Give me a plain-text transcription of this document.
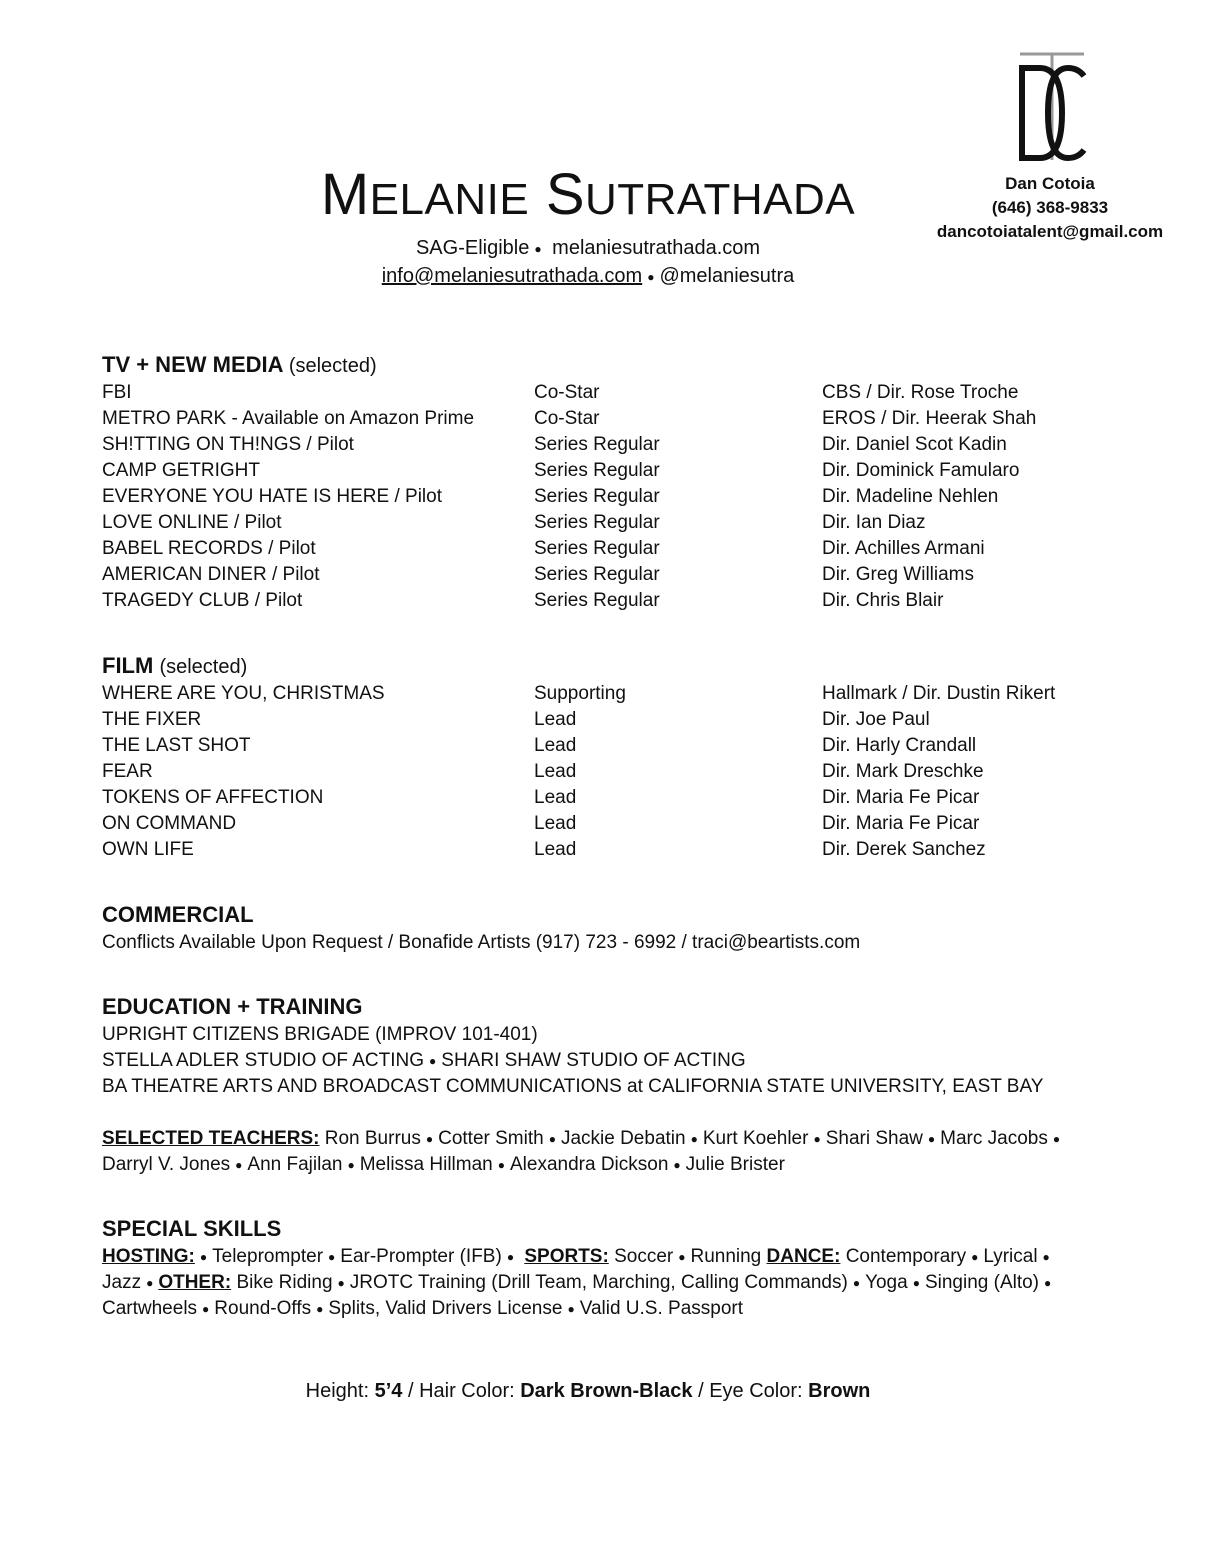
Dan Cotoia
(646) 368-9833
dancotoiatalent@gmail.com
MELANIE SUTRATHADA
SAG-Eligible ● melaniesutrathada.com
info@melaniesutrathada.com ● @melaniesutra
TV + NEW MEDIA (selected)
FBI	Co-Star	CBS / Dir. Rose Troche
METRO PARK - Available on Amazon Prime	Co-Star	EROS / Dir. Heerak Shah
SH!TTING ON TH!NGS / Pilot	Series Regular	Dir. Daniel Scot Kadin
CAMP GETRIGHT	Series Regular	Dir. Dominick Famularo
EVERYONE YOU HATE IS HERE / Pilot	Series Regular	Dir. Madeline Nehlen
LOVE ONLINE / Pilot	Series Regular	Dir. Ian Diaz
BABEL RECORDS / Pilot	Series Regular	Dir. Achilles Armani
AMERICAN DINER / Pilot	Series Regular	Dir. Greg Williams
TRAGEDY CLUB / Pilot	Series Regular	Dir. Chris Blair
FILM (selected)
WHERE ARE YOU, CHRISTMAS	Supporting	Hallmark / Dir. Dustin Rikert
THE FIXER	Lead	Dir. Joe Paul
THE LAST SHOT	Lead	Dir. Harly Crandall
FEAR	Lead	Dir. Mark Dreschke
TOKENS OF AFFECTION	Lead	Dir. Maria Fe Picar
ON COMMAND	Lead	Dir. Maria Fe Picar
OWN LIFE	Lead	Dir. Derek Sanchez
COMMERCIAL
Conflicts Available Upon Request / Bonafide Artists (917) 723 - 6992 / traci@beartists.com
EDUCATION + TRAINING
UPRIGHT CITIZENS BRIGADE (IMPROV 101-401)
STELLA ADLER STUDIO OF ACTING ● SHARI SHAW STUDIO OF ACTING
BA THEATRE ARTS AND BROADCAST COMMUNICATIONS at CALIFORNIA STATE UNIVERSITY, EAST BAY
SELECTED TEACHERS: Ron Burrus ● Cotter Smith ● Jackie Debatin ● Kurt Koehler ● Shari Shaw ● Marc Jacobs ●
Darryl V. Jones ● Ann Fajilan ● Melissa Hillman ● Alexandra Dickson ● Julie Brister
SPECIAL SKILLS
HOSTING: ● Teleprompter ● Ear-Prompter (IFB) ● SPORTS: Soccer ● Running DANCE: Contemporary ● Lyrical ●
Jazz ● OTHER: Bike Riding ● JROTC Training (Drill Team, Marching, Calling Commands) ● Yoga ● Singing (Alto) ●
Cartwheels ● Round-Offs ● Splits, Valid Drivers License ● Valid U.S. Passport
Height: 5’4 / Hair Color: Dark Brown-Black / Eye Color: Brown
